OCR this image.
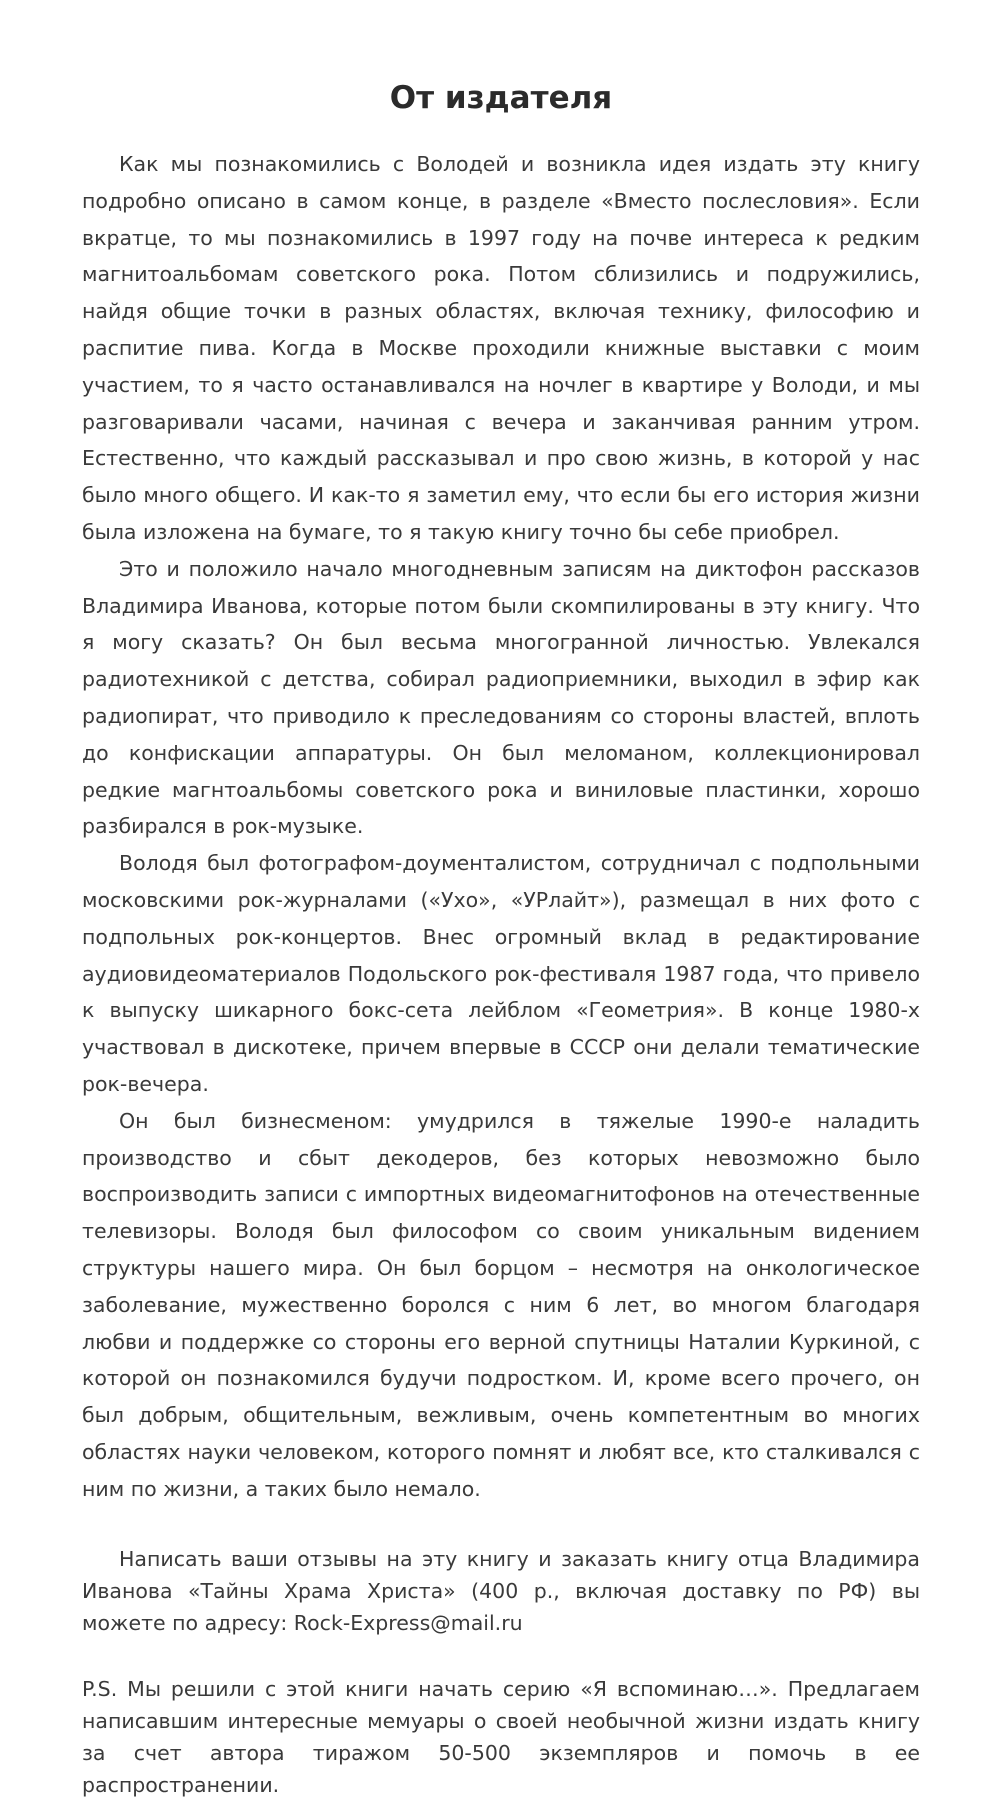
От издателя

Как мы познакомились с Володей и возникла идея издать эту книгу подробно описано в самом конце, в разделе «Вместо послесловия». Если вкратце, то мы познакомились в 1997 году на почве интереса к редким магнитоальбомам советского рока. Потом сблизились и подружились, найдя общие точки в разных областях, включая технику, философию и распитие пива. Когда в Москве проходили книжные выставки с моим участием, то я часто останавливался на ночлег в квартире у Володи, и мы разговаривали часами, начиная с вечера и заканчивая ранним утром. Естественно, что каждый рассказывал и про свою жизнь, в которой у нас было много общего. И как-то я заметил ему, что если бы его история жизни была изложена на бумаге, то я такую книгу точно бы себе приобрел.

Это и положило начало многодневным записям на диктофон рассказов Владимира Иванова, которые потом были скомпилированы в эту книгу. Что я могу сказать? Он был весьма многогранной личностью. Увлекался радиотехникой с детства, собирал радиоприемники, выходил в эфир как радиопират, что приводило к преследованиям со стороны властей, вплоть до конфискации аппаратуры. Он был меломаном, коллекционировал редкие магнтоальбомы советского рока и виниловые пластинки, хорошо разбирался в рок-музыке.

Володя был фотографом-доументалистом, сотрудничал с подпольными московскими рок-журналами («Ухо», «УРлайт»), размещал в них фото с подпольных рок-концертов. Внес огромный вклад в редактирование аудиовидеоматериалов Подольского рок-фестиваля 1987 года, что привело к выпуску шикарного бокс-сета лейблом «Геометрия». В конце 1980-х участвовал в дискотеке, причем впервые в СССР они делали тематические рок-вечера.

Он был бизнесменом: умудрился в тяжелые 1990-е наладить производство и сбыт декодеров, без которых невозможно было воспроизводить записи с импортных видеомагнитофонов на отечественные телевизоры. Володя был философом со своим уникальным видением структуры нашего мира. Он был борцом – несмотря на онкологическое заболевание, мужественно боролся с ним 6 лет, во многом благодаря любви и поддержке со стороны его верной спутницы Наталии Куркиной, с которой он познакомился будучи подростком. И, кроме всего прочего, он был добрым, общительным, вежливым, очень компетентным во многих областях науки человеком, которого помнят и любят все, кто сталкивался с ним по жизни, а таких было немало.

Написать ваши отзывы на эту книгу и заказать книгу отца Владимира Иванова «Тайны Храма Христа» (400 р., включая доставку по РФ) вы можете по адресу: Rock-Express@mail.ru

P.S. Мы решили с этой книги начать серию «Я вспоминаю…». Предлагаем написавшим интересные мемуары о своей необычной жизни издать книгу за счет автора тиражом 50-500 экземпляров и помочь в ее распространении.
